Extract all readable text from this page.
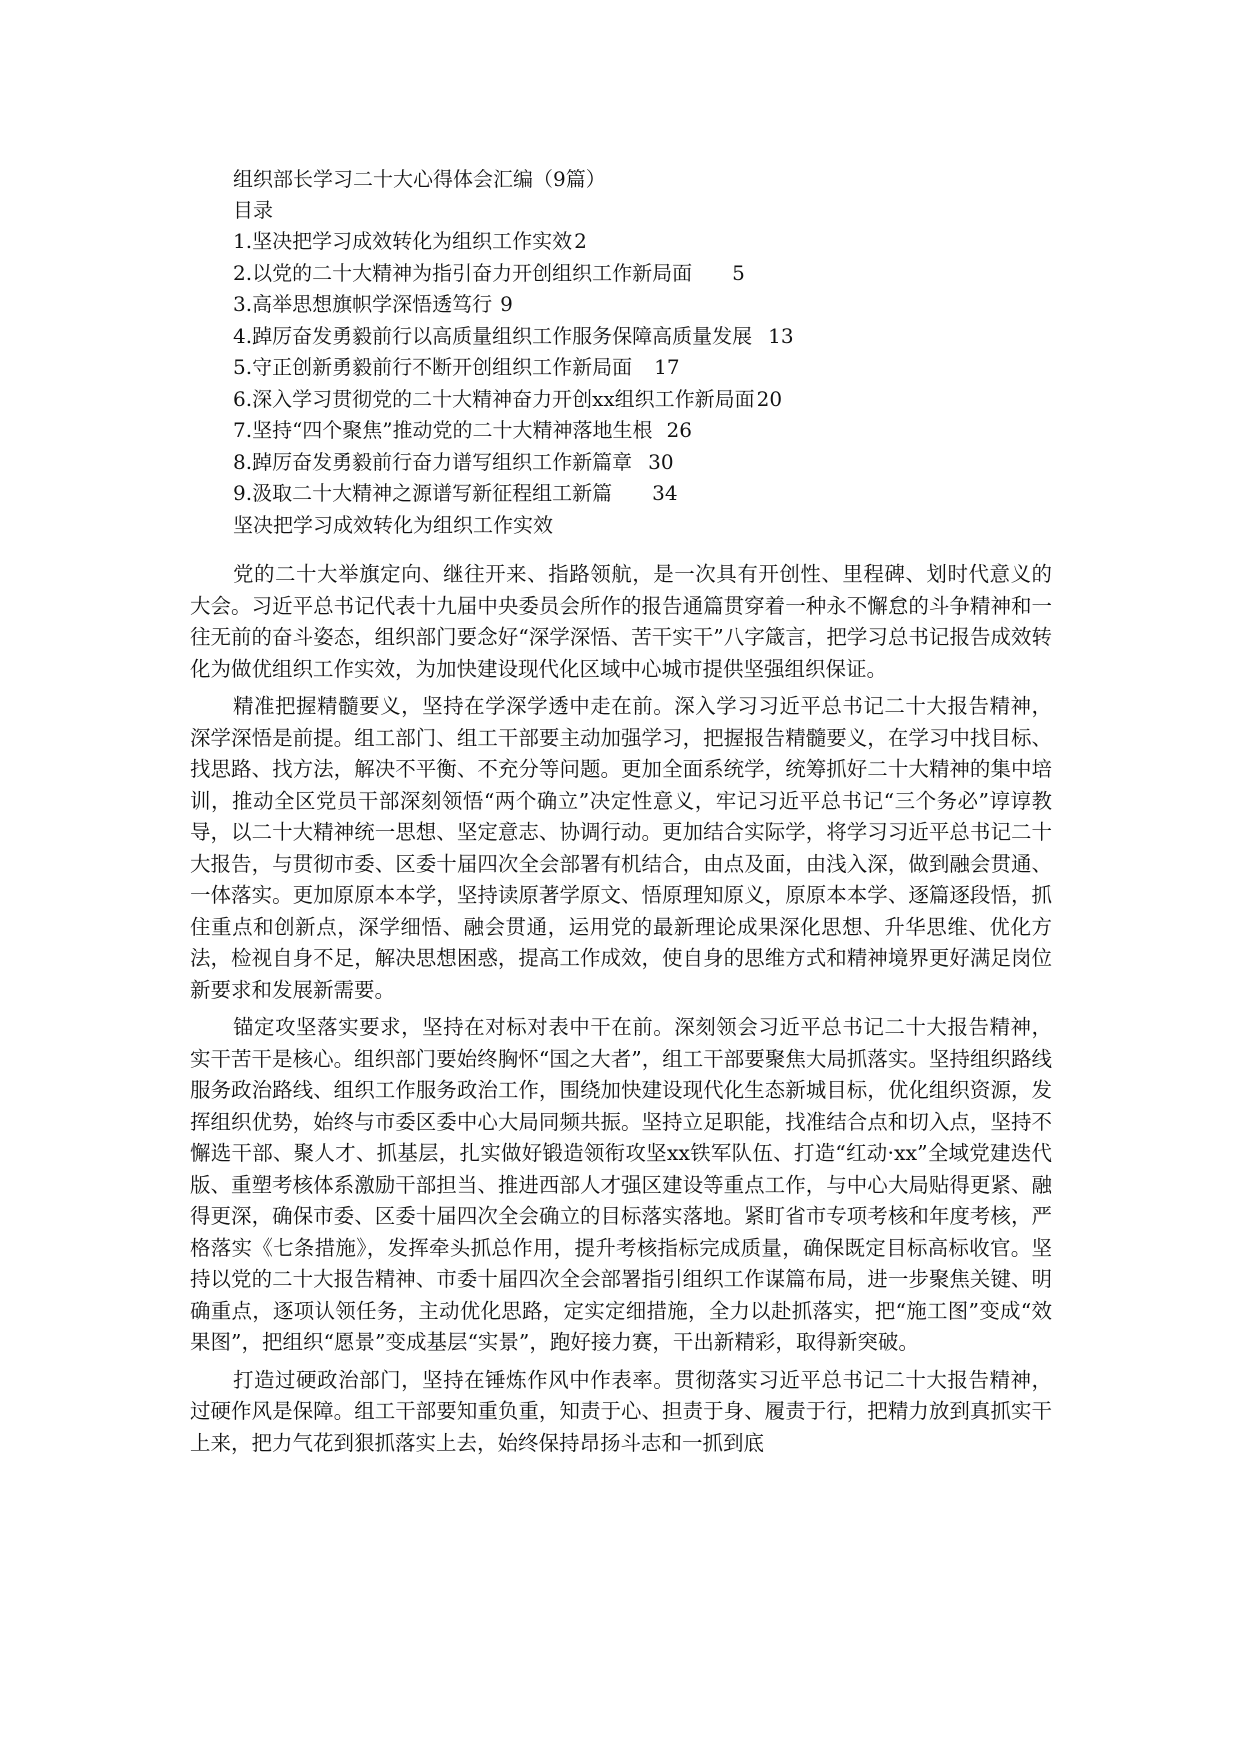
组织部长学习二十大心得体会汇编（9篇）
目录
1.坚决把学习成效转化为组织工作实效 2
2.以党的二十大精神为指引奋力开创组织工作新局面 5
3.高举思想旗帜学深悟透笃行 9
4.踔厉奋发勇毅前行以高质量组织工作服务保障高质量发展 13
5.守正创新勇毅前行不断开创组织工作新局面 17
6.深入学习贯彻党的二十大精神奋力开创xx组织工作新局面 20
7.坚持“四个聚焦”推动党的二十大精神落地生根 26
8.踔厉奋发勇毅前行奋力谱写组织工作新篇章 30
9.汲取二十大精神之源谱写新征程组工新篇 34
坚决把学习成效转化为组织工作实效

党的二十大举旗定向、继往开来、指路领航，是一次具有开创性、里程碑、划时代意义的大会。习近平总书记代表十九届中央委员会所作的报告通篇贯穿着一种永不懈怠的斗争精神和一往无前的奋斗姿态，组织部门要念好“深学深悟、苦干实干”八字箴言，把学习总书记报告成效转化为做优组织工作实效，为加快建设现代化区域中心城市提供坚强组织保证。

精准把握精髓要义，坚持在学深学透中走在前。深入学习习近平总书记二十大报告精神，深学深悟是前提。组工部门、组工干部要主动加强学习，把握报告精髓要义，在学习中找目标、找思路、找方法，解决不平衡、不充分等问题。更加全面系统学，统筹抓好二十大精神的集中培训，推动全区党员干部深刻领悟“两个确立”决定性意义，牢记习近平总书记“三个务必”谆谆教导，以二十大精神统一思想、坚定意志、协调行动。更加结合实际学，将学习习近平总书记二十大报告，与贯彻市委、区委十届四次全会部署有机结合，由点及面，由浅入深，做到融会贯通、一体落实。更加原原本本学，坚持读原著学原文、悟原理知原义，原原本本学、逐篇逐段悟，抓住重点和创新点，深学细悟、融会贯通，运用党的最新理论成果深化思想、升华思维、优化方法，检视自身不足，解决思想困惑，提高工作成效，使自身的思维方式和精神境界更好满足岗位新要求和发展新需要。

锚定攻坚落实要求，坚持在对标对表中干在前。深刻领会习近平总书记二十大报告精神，实干苦干是核心。组织部门要始终胸怀“国之大者”，组工干部要聚焦大局抓落实。坚持组织路线服务政治路线、组织工作服务政治工作，围绕加快建设现代化生态新城目标，优化组织资源，发挥组织优势，始终与市委区委中心大局同频共振。坚持立足职能，找准结合点和切入点，坚持不懈选干部、聚人才、抓基层，扎实做好锻造领衔攻坚xx铁军队伍、打造“红动·xx”全域党建迭代版、重塑考核体系激励干部担当、推进西部人才强区建设等重点工作，与中心大局贴得更紧、融得更深，确保市委、区委十届四次全会确立的目标落实落地。紧盯省市专项考核和年度考核，严格落实《七条措施》，发挥牵头抓总作用，提升考核指标完成质量，确保既定目标高标收官。坚持以党的二十大报告精神、市委十届四次全会部署指引组织工作谋篇布局，进一步聚焦关键、明确重点，逐项认领任务，主动优化思路，定实定细措施，全力以赴抓落实，把“施工图”变成“效果图”，把组织“愿景”变成基层“实景”，跑好接力赛，干出新精彩，取得新突破。

打造过硬政治部门，坚持在锤炼作风中作表率。贯彻落实习近平总书记二十大报告精神，过硬作风是保障。组工干部要知重负重，知责于心、担责于身、履责于行，把精力放到真抓实干上来，把力气花到狠抓落实上去，始终保持昂扬斗志和一抓到底
